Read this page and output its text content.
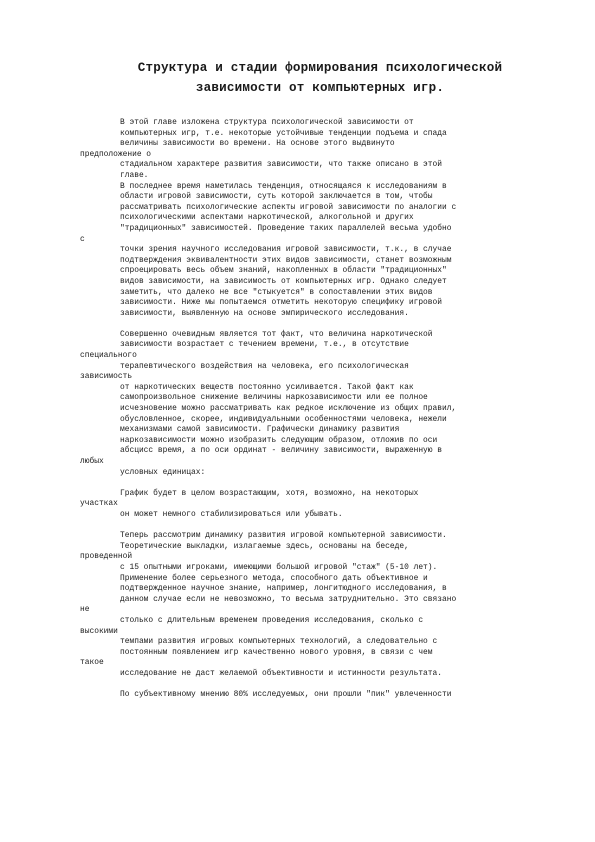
Структура и стадии формирования психологической
зависимости от компьютерных игр.
В этой главе изложена структура психологической зависимости от
компьютерных игр, т.е. некоторые устойчивые тенденции подъема и спада
величины зависимости во времени. На основе этого выдвинуто
предположение о
стадиальном характере развития зависимости, что также описано в этой
главе.
В последнее время наметилась тенденция, относящаяся к исследованиям в
области игровой зависимости, суть которой заключается в том, чтобы
рассматривать психологические аспекты игровой зависимости по аналогии с
психологическими аспектами наркотической, алкогольной и других
"традиционных" зависимостей. Проведение таких параллелей весьма удобно
с
точки зрения научного исследования игровой зависимости, т.к., в случае
подтверждения эквивалентности этих видов зависимости, станет возможным
спроецировать весь объем знаний, накопленных в области "традиционных"
видов зависимости, на зависимость от компьютерных игр. Однако следует
заметить, что далеко не все "стыкуется" в сопоставлении этих видов
зависимости. Ниже мы попытаемся отметить некоторую специфику игровой
зависимости, выявленную на основе эмпирического исследования.
Совершенно очевидным является тот факт, что величина наркотической
зависимости возрастает с течением времени, т.е., в отсутствие
специального
терапевтического воздействия на человека, его психологическая
зависимость
от наркотических веществ постоянно усиливается. Такой факт как
самопроизвольное снижение величины наркозависимости или ее полное
исчезновение можно рассматривать как редкое исключение из общих правил,
обусловленное, скорее, индивидуальными особенностями человека, нежели
механизмами самой зависимости. Графически динамику развития
наркозависимости можно изобразить следующим образом, отложив по оси
абсцисс время, а по оси ординат - величину зависимости, выраженную в
любых
условных единицах:
График будет в целом возрастающим, хотя, возможно, на некоторых
участках
он может немного стабилизироваться или убывать.
Теперь рассмотрим динамику развития игровой компьютерной зависимости.
Теоретические выкладки, излагаемые здесь, основаны на беседе,
проведенной
с 15 опытными игроками, имеющими большой игровой "стаж" (5-10 лет).
Применение более серьезного метода, способного дать объективное и
подтвержденное научное знание, например, лонгитюдного исследования, в
данном случае если не невозможно, то весьма затруднительно. Это связано
не
столько с длительным временем проведения исследования, сколько с
высокими
темпами развития игровых компьютерных технологий, а следовательно с
постоянным появлением игр качественно нового уровня, в связи с чем
такое
исследование не даст желаемой объективности и истинности результата.
По субъективному мнению 80% исследуемых, они прошли "пик" увлеченности
